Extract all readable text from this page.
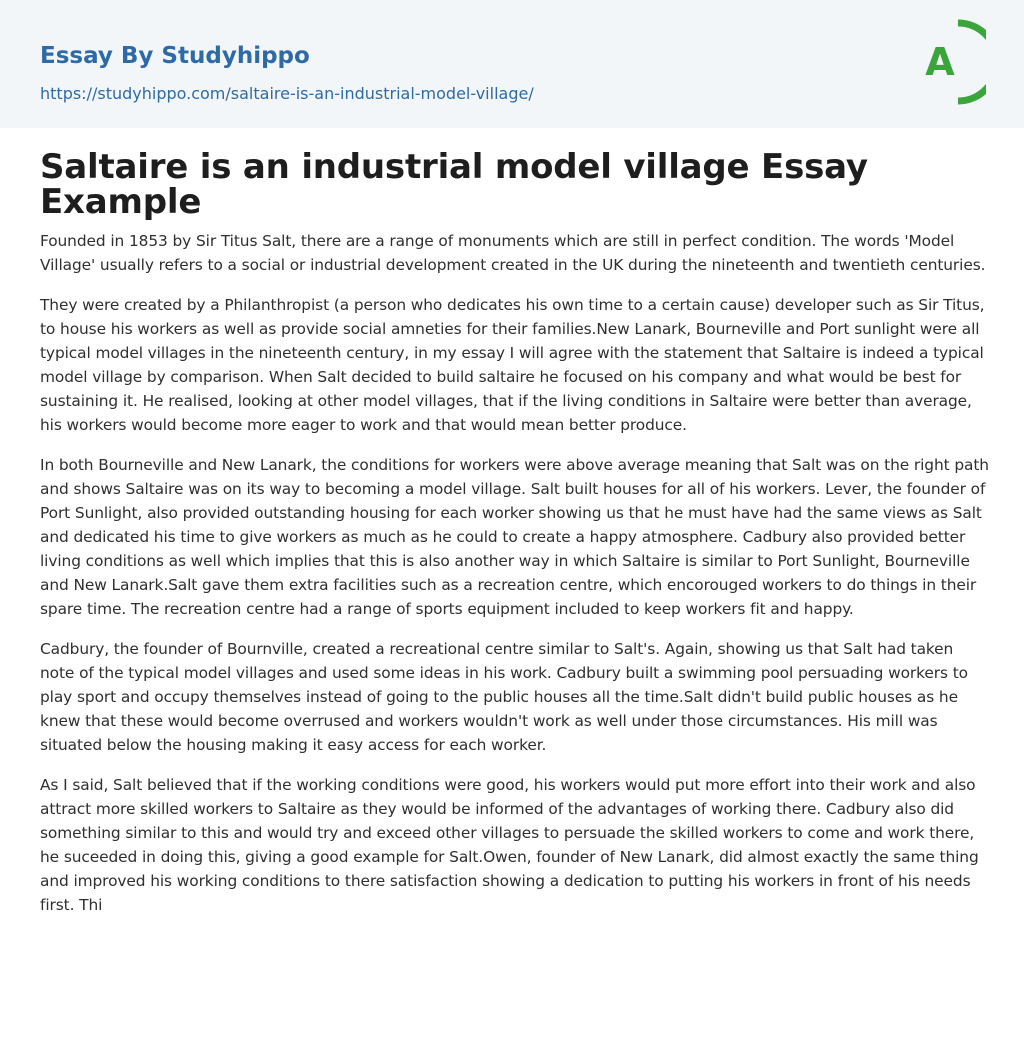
Essay By Studyhippo
https://studyhippo.com/saltaire-is-an-industrial-model-village/
A
Saltaire is an industrial model village Essay Example

Founded in 1853 by Sir Titus Salt, there are a range of monuments which are still in perfect condition. The words 'Model Village' usually refers to a social or industrial development created in the UK during the nineteenth and twentieth centuries.

They were created by a Philanthropist (a person who dedicates his own time to a certain cause) developer such as Sir Titus, to house his workers as well as provide social amneties for their families.New Lanark, Bourneville and Port sunlight were all typical model villages in the nineteenth century, in my essay I will agree with the statement that Saltaire is indeed a typical model village by comparison. When Salt decided to build saltaire he focused on his company and what would be best for sustaining it. He realised, looking at other model villages, that if the living conditions in Saltaire were better than average, his workers would become more eager to work and that would mean better produce.

In both Bourneville and New Lanark, the conditions for workers were above average meaning that Salt was on the right path and shows Saltaire was on its way to becoming a model village. Salt built houses for all of his workers. Lever, the founder of Port Sunlight, also provided outstanding housing for each worker showing us that he must have had the same views as Salt and dedicated his time to give workers as much as he could to create a happy atmosphere. Cadbury also provided better living conditions as well which implies that this is also another way in which Saltaire is similar to Port Sunlight, Bourneville and New Lanark.Salt gave them extra facilities such as a recreation centre, which encorouged workers to do things in their spare time. The recreation centre had a range of sports equipment included to keep workers fit and happy.

Cadbury, the founder of Bournville, created a recreational centre similar to Salt's. Again, showing us that Salt had taken note of the typical model villages and used some ideas in his work. Cadbury built a swimming pool persuading workers to play sport and occupy themselves instead of going to the public houses all the time.Salt didn't build public houses as he knew that these would become overrused and workers wouldn't work as well under those circumstances. His mill was situated below the housing making it easy access for each worker.

As I said, Salt believed that if the working conditions were good, his workers would put more effort into their work and also attract more skilled workers to Saltaire as they would be informed of the advantages of working there. Cadbury also did something similar to this and would try and exceed other villages to persuade the skilled workers to come and work there, he suceeded in doing this, giving a good example for Salt.Owen, founder of New Lanark, did almost exactly the same thing and improved his working conditions to there satisfaction showing a dedication to putting his workers in front of his needs first. Thi
